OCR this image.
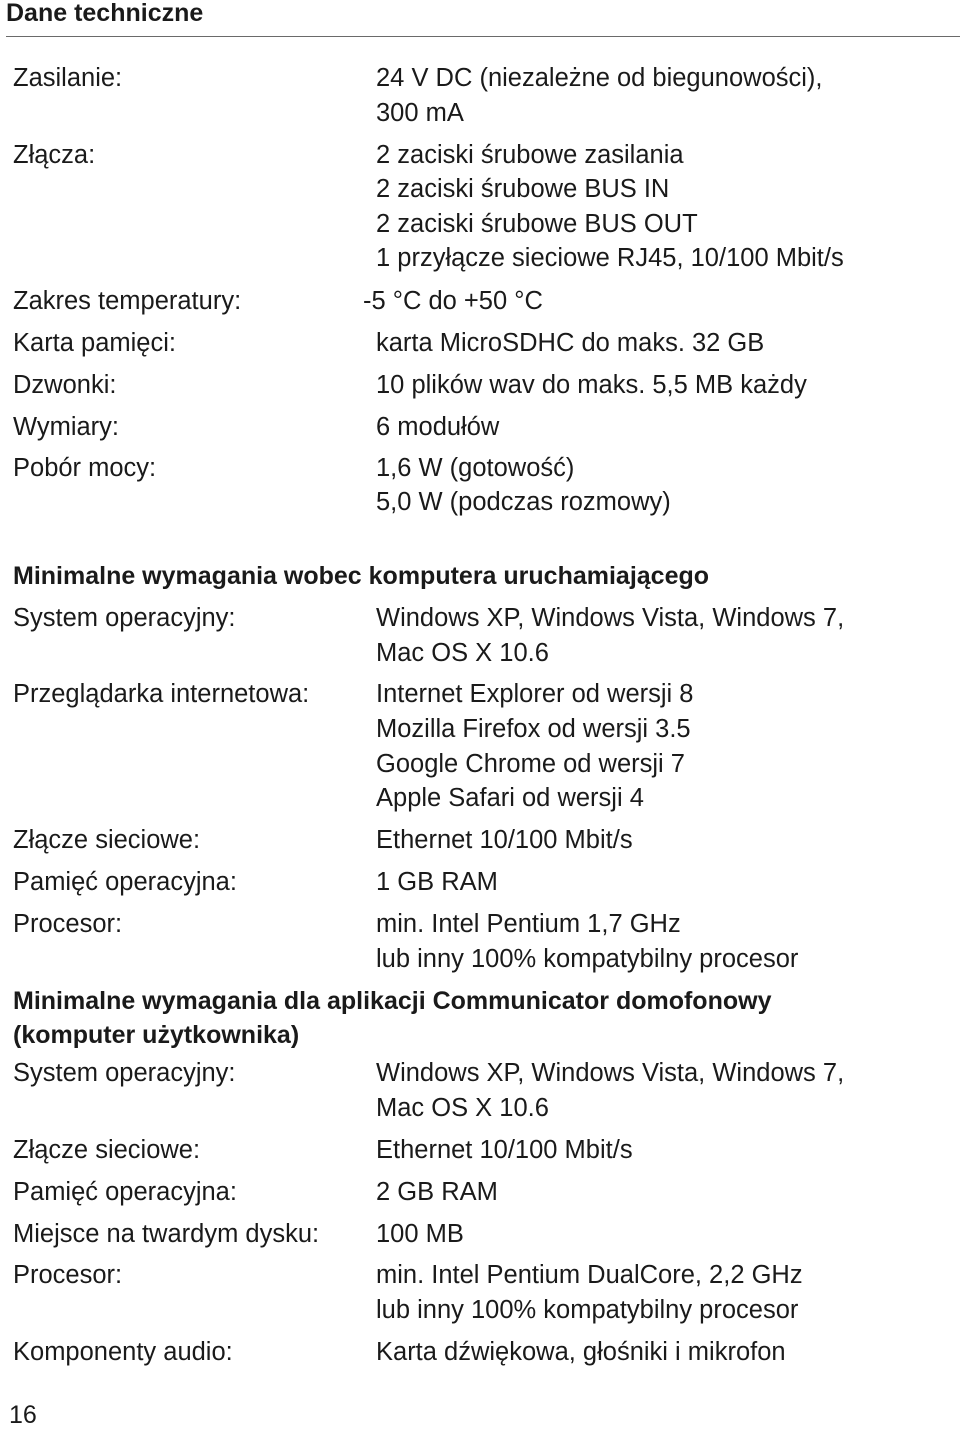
Dane techniczne
Zasilanie:	24 V DC (niezależne od biegunowości),
300 mA
Złącza:	2 zaciski śrubowe zasilania
2 zaciski śrubowe BUS IN
2 zaciski śrubowe BUS OUT
1 przyłącze sieciowe RJ45, 10/100 Mbit/s
Zakres temperatury:	-5 °C do +50 °C
Karta pamięci:	karta MicroSDHC do maks. 32 GB
Dzwonki:	10 plików wav do maks. 5,5 MB każdy
Wymiary:	6 modułów
Pobór mocy:	1,6 W (gotowość)
5,0 W (podczas rozmowy)
Minimalne wymagania wobec komputera uruchamiającego
System operacyjny:	Windows XP, Windows Vista, Windows 7,
Mac OS X 10.6
Przeglądarka internetowa:	Internet Explorer od wersji 8
Mozilla Firefox od wersji 3.5
Google Chrome od wersji 7
Apple Safari od wersji 4
Złącze sieciowe:	Ethernet 10/100 Mbit/s
Pamięć operacyjna:	1 GB RAM
Procesor:	min. Intel Pentium 1,7 GHz
lub inny 100% kompatybilny procesor
Minimalne wymagania dla aplikacji Communicator domofonowy
(komputer użytkownika)
System operacyjny:	Windows XP, Windows Vista, Windows 7,
Mac OS X 10.6
Złącze sieciowe:	Ethernet 10/100 Mbit/s
Pamięć operacyjna:	2 GB RAM
Miejsce na twardym dysku: 100 MB
Procesor:	min. Intel Pentium DualCore, 2,2 GHz
lub inny 100% kompatybilny procesor
Komponenty audio:	Karta dźwiękowa, głośniki i mikrofon
16
